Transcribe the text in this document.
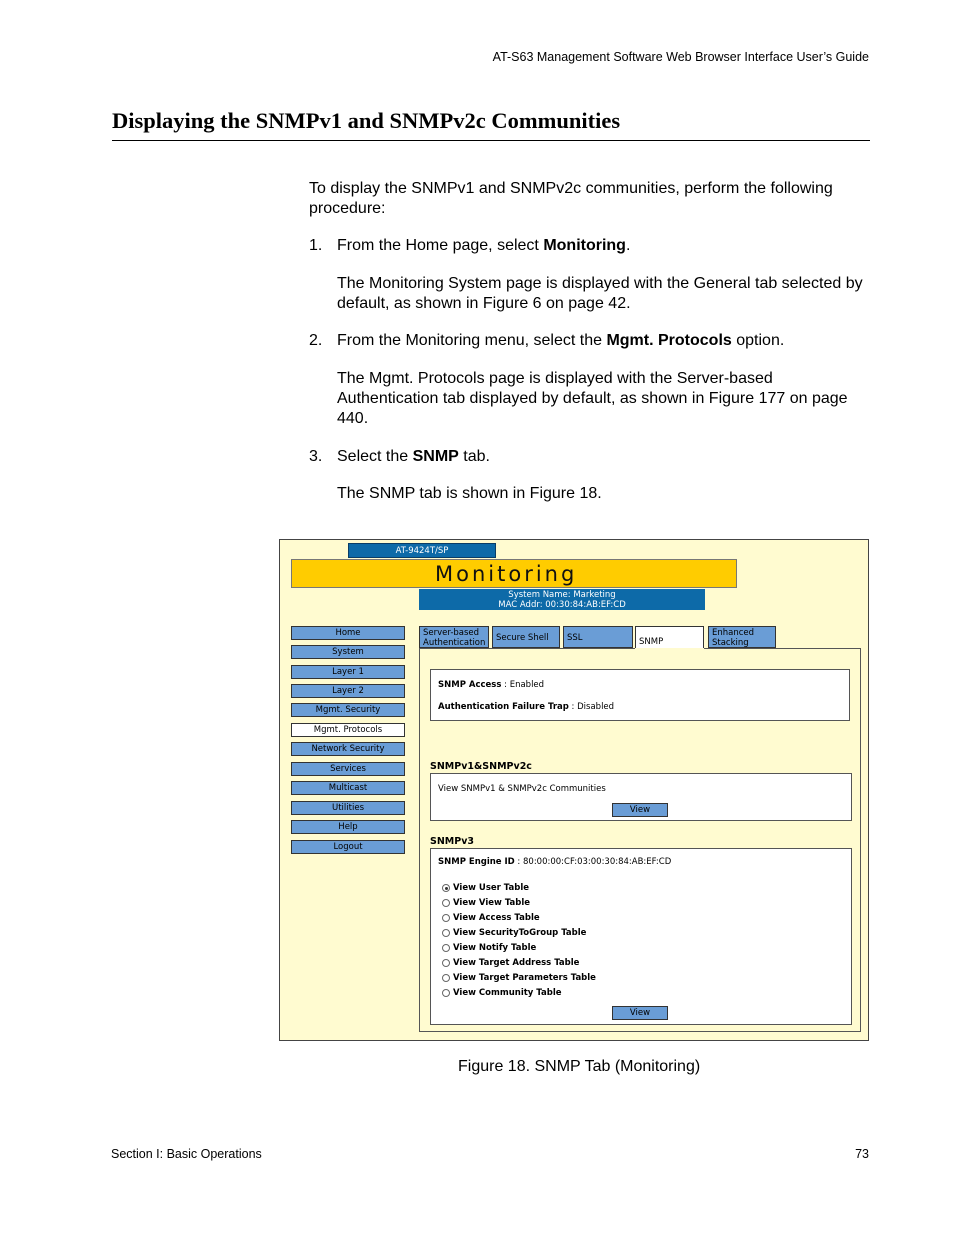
AT-S63 Management Software Web Browser Interface User’s Guide
Displaying the SNMPv1 and SNMPv2c Communities
To display the SNMPv1 and SNMPv2c communities, perform the following procedure:
1. From the Home page, select Monitoring.
The Monitoring System page is displayed with the General tab selected by default, as shown in Figure 6 on page 42.
2. From the Monitoring menu, select the Mgmt. Protocols option.
The Mgmt. Protocols page is displayed with the Server-based Authentication tab displayed by default, as shown in Figure 177 on page 440.
3. Select the SNMP tab.
The SNMP tab is shown in Figure 18.
AT-9424T/SP
Monitoring
System Name: Marketing
MAC Addr: 00:30:84:AB:EF:CD
Home
System
Layer 1
Layer 2
Mgmt. Security
Mgmt. Protocols
Network Security
Services
Multicast
Utilities
Help
Logout
Server-based
Authentication	Secure Shell	SSL	SNMP
Enhanced
Stacking
SNMP Access : Enabled
Authentication Failure Trap : Disabled
SNMPv1&SNMPv2c
View SNMPv1 & SNMPv2c Communities
View
SNMPv3
SNMP Engine ID : 80:00:00:CF:03:00:30:84:AB:EF:CD
View User Table
View View Table
View Access Table
View SecurityToGroup Table
View Notify Table
View Target Address Table
View Target Parameters Table
View Community Table
View
Figure 18. SNMP Tab (Monitoring)
Section I: Basic Operations	73
